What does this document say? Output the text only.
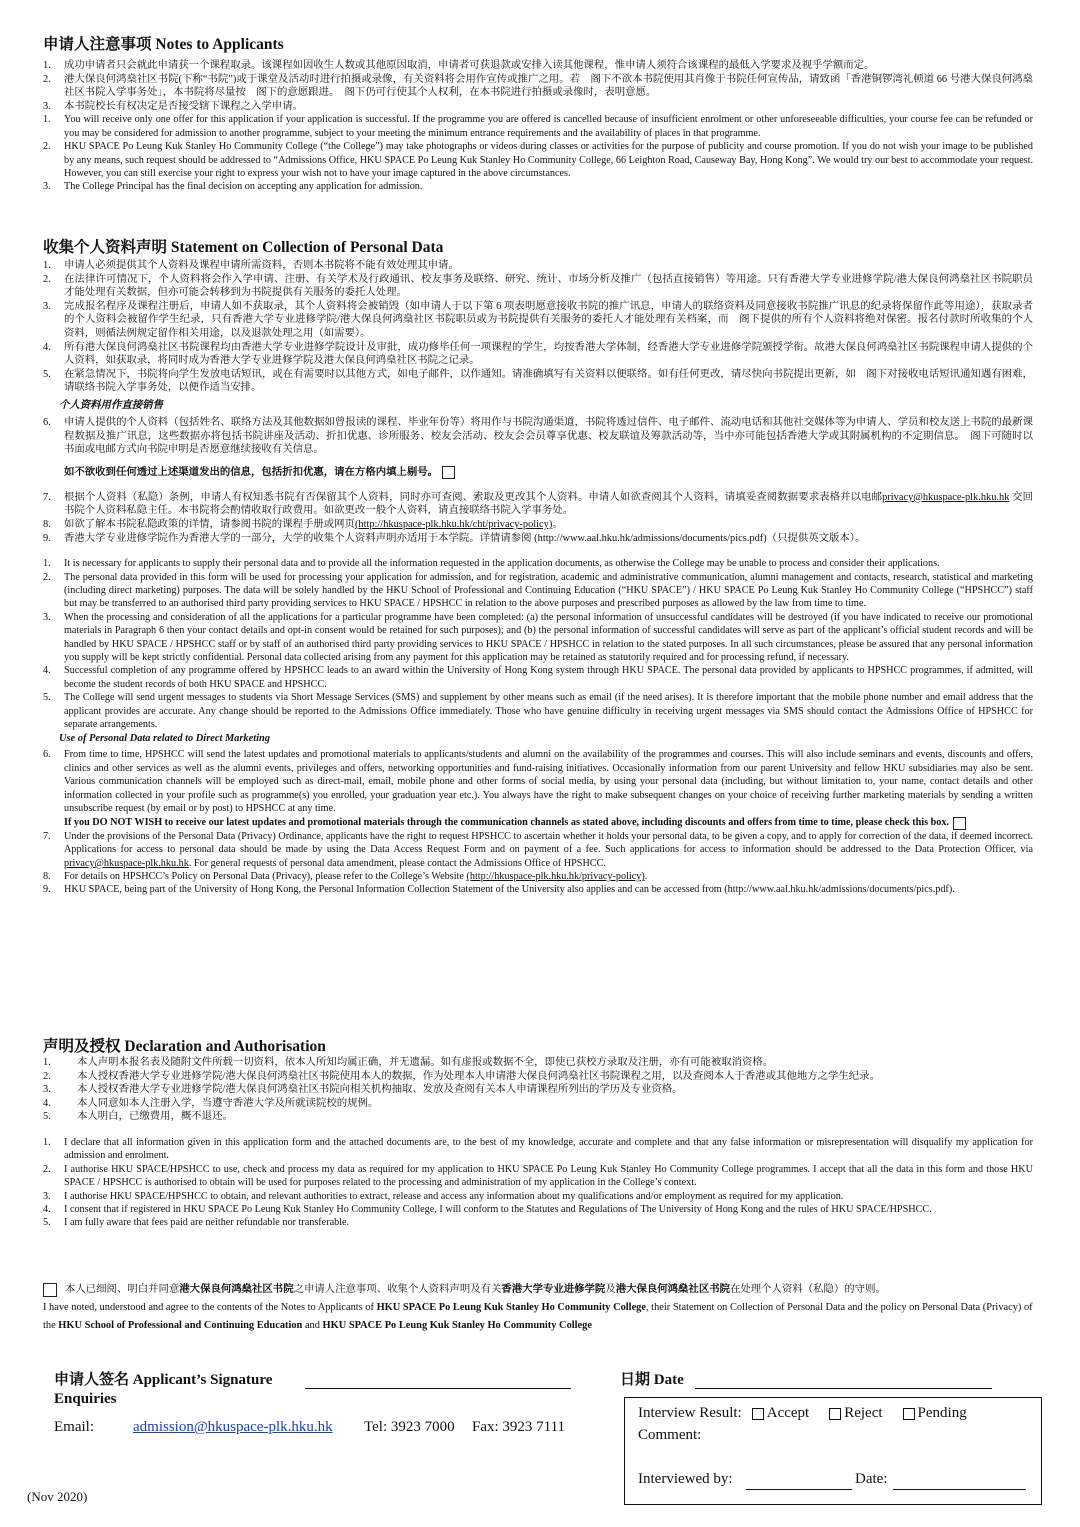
申请人注意事项 Notes to Applicants
1. 成功申请者只会就此申请获一个课程取录。该课程如因收生人数或其他原因取消，申请者可获退款或安排入读其他课程，惟申请人须符合该课程的最低入学要求及视乎学额而定。
2. 港大保良何鸿燊社区书院(下称“书院”)或于课堂及活动时进行拍摄或录像，有关资料将会用作宣传或推广之用。若　阁下不欲本书院使用其肖像于书院任何宣传品，请致函「香港铜锣湾礼顿道 66 号港大保良何鸿燊社区书院入学事务处」，本书院将尽量按　阁下的意愿跟进。　阁下仍可行使其个人权利，在本书院进行拍摄或录像时，表明意愿。
3. 本书院校长有权决定是否接受辖下课程之入学申请。
1. You will receive only one offer for this application if your application is successful. If the programme you are offered is cancelled because of insufficient enrolment or other unforeseeable difficulties, your course fee can be refunded or you may be considered for admission to another programme, subject to your meeting the minimum entrance requirements and the availability of places in that programme.
2. HKU SPACE Po Leung Kuk Stanley Ho Community College (“the College”) may take photographs or videos during classes or activities for the purpose of publicity and course promotion. If you do not wish your image to be published by any means, such request should be addressed to “Admissions Office, HKU SPACE Po Leung Kuk Stanley Ho Community College, 66 Leighton Road, Causeway Bay, Hong Kong”. We would try our best to accommodate your request. However, you can still exercise your right to express your wish not to have your image captured in the above circumstances.
3. The College Principal has the final decision on accepting any application for admission.
收集个人资料声明 Statement on Collection of Personal Data
1. 申请人必须提供其个人资料及课程申请所需资料，否则本书院将不能有效处理其申请。
2. 在法律许可情况下，个人资料将会作入学申请、注册、有关学术及行政通讯、校友事务及联络、研究、统计、市场分析及推广（包括直接销售）等用途。只有香港大学专业进修学院/港大保良何鸿燊社区书院职员才能处理有关数据，但亦可能会转移到为书院提供有关服务的委托人处理。
3. 完成报名程序及课程注册后，申请人如不获取录，其个人资料将会被销毁（如申请人于以下第 6 项表明愿意接收书院的推广讯息，申请人的联络资料及同意接收书院推广讯息的纪录将保留作此等用途），获取录者的个人资料会被留作学生纪录，只有香港大学专业进修学院/港大保良何鸿燊社区书院职员或为书院提供有关服务的委托人才能处理有关档案，而　阁下提供的所有个人资料将绝对保密。报名付款时所收集的个人资料，则循法例规定留作相关用途，以及退款处理之用（如需要）。
4. 所有港大保良何鸿燊社区书院课程均由香港大学专业进修学院设计及审批，成功修毕任何一项课程的学生，均按香港大学体制，经香港大学专业进修学院颁授学衔。故港大保良何鸿燊社区书院课程申请人提供的个人资料，如获取录，将同时成为香港大学专业进修学院及港大保良何鸿燊社区书院之记录。
5. 在紧急情况下，书院将向学生发放电话短讯，或在有需要时以其他方式，如电子邮件，以作通知。请准确填写有关资料以便联络。如有任何更改，请尽快向书院提出更新，如　阁下对接收电话短讯通知遇有困难，请联络书院入学事务处，以便作适当安排。
个人资料用作直接销售
6. 申请人提供的个人资料（包括姓名、联络方法及其他数据如曾报读的课程、毕业年份等）将用作与书院沟通渠道，书院将透过信件、电子邮件、流动电话和其他社交媒体等为申请人、学员和校友送上书院的最新课程数据及推广讯息，这些数据亦将包括书院讲座及活动、折扣优惠、诊所服务、校友会活动、校友会会员尊享优惠、校友联谊及筹款活动等，当中亦可能包括香港大学或其附属机构的不定期信息。　阁下可随时以书面或电邮方式向书院申明是否愿意继续接收有关信息。
如不欲收到任何透过上述渠道发出的信息，包括折扣优惠，请在方格内填上剔号。
7. 根据个人资料（私隐）条例，申请人有权知悉书院有否保留其个人资料，同时亦可查阅、索取及更改其个人资料。申请人如欲查阅其个人资料，请填妥查阅数据要求表格并以电邮privacy@hkuspace-plk.hku.hk 交回书院个人资料私隐主任。本书院将会酌情收取行政费用。如欲更改一般个人资料，请直接联络书院入学事务处。
8. 如欲了解本书院私隐政策的详情，请参阅书院的课程手册或网页(http://hkuspace-plk.hku.hk/cht/privacy-policy)。
9. 香港大学专业进修学院作为香港大学的一部分，大学的收集个人资料声明亦适用于本学院。详情请参阅 (http://www.aal.hku.hk/admissions/documents/pics.pdf)（只提供英文版本）。
1. It is necessary for applicants to supply their personal data and to provide all the information requested in the application documents, as otherwise the College may be unable to process and consider their applications.
2. The personal data provided in this form will be used for processing your application for admission, and for registration, academic and administrative communication, alumni management and contacts, research, statistical and marketing (including direct marketing) purposes. The data will be solely handled by the HKU School of Professional and Continuing Education (“HKU SPACE”) / HKU SPACE Po Leung Kuk Stanley Ho Community College (“HPSHCC”) staff but may be transferred to an authorised third party providing services to HKU SPACE / HPSHCC in relation to the above purposes and prescribed purposes as allowed by the law from time to time.
3. When the processing and consideration of all the applications for a particular programme have been completed: (a) the personal information of unsuccessful candidates will be destroyed (if you have indicated to receive our promotional materials in Paragraph 6 then your contact details and opt-in consent would be retained for such purposes); and (b) the personal information of successful candidates will serve as part of the applicant’s official student records and will be handled by HKU SPACE / HPSHCC staff or by staff of an authorised third party providing services to HKU SPACE / HPSHCC in relation to the stated purposes. In all such circumstances, please be assured that any personal information you supply will be kept strictly confidential. Personal data collected arising from any payment for this application may be retained as statutorily required and for processing refund, if necessary.
4. Successful completion of any programme offered by HPSHCC leads to an award within the University of Hong Kong system through HKU SPACE. The personal data provided by applicants to HPSHCC programmes, if admitted, will become the student records of both HKU SPACE and HPSHCC.
5. The College will send urgent messages to students via Short Message Services (SMS) and supplement by other means such as email (if the need arises). It is therefore important that the mobile phone number and email address that the applicant provides are accurate. Any change should be reported to the Admissions Office immediately. Those who have genuine difficulty in receiving urgent messages via SMS should contact the Admissions Office of HPSHCC for separate arrangements.
Use of Personal Data related to Direct Marketing
6. From time to time, HPSHCC will send the latest updates and promotional materials to applicants/students and alumni on the availability of the programmes and courses. This will also include seminars and events, discounts and offers, clinics and other services as well as the alumni events, privileges and offers, networking opportunities and fund-raising initiatives. Occasionally information from our parent University and fellow HKU subsidiaries may also be sent. Various communication channels will be employed such as direct-mail, email, mobile phone and other forms of social media, by using your personal data (including, but without limitation to, your name, contact details and other information collected in your profile such as programme(s) you enrolled, your graduation year etc.). You always have the right to make subsequent changes on your choice of receiving further marketing materials by sending a written unsubscribe request (by email or by post) to HPSHCC at any time.
If you DO NOT WISH to receive our latest updates and promotional materials through the communication channels as stated above, including discounts and offers from time to time, please check this box.
7. Under the provisions of the Personal Data (Privacy) Ordinance, applicants have the right to request HPSHCC to ascertain whether it holds your personal data, to be given a copy, and to apply for correction of the data, if deemed incorrect. Applications for access to personal data should be made by using the Data Access Request Form and on payment of a fee. Such applications for access to information should be addressed to the Data Protection Officer, via privacy@hkuspace-plk.hku.hk. For general requests of personal data amendment, please contact the Admissions Office of HPSHCC.
8. For details on HPSHCC’s Policy on Personal Data (Privacy), please refer to the College’s Website (http://hkuspace-plk.hku.hk/privacy-policy).
9. HKU SPACE, being part of the University of Hong Kong, the Personal Information Collection Statement of the University also applies and can be accessed from (http://www.aal.hku.hk/admissions/documents/pics.pdf).
声明及授权 Declaration and Authorisation
1.	本人声明本报名表及随附文件所载一切资料，依本人所知均属正确，并无遗漏。如有虚报或数据不全，即使已获校方录取及注册，亦有可能被取消资格。
2.	本人授权香港大学专业进修学院/港大保良何鸿燊社区书院使用本人的数据，作为处理本人申请港大保良何鸿燊社区书院课程之用，以及查阅本人于香港或其他地方之学生纪录。
3.	本人授权香港大学专业进修学院/港大保良何鸿燊社区书院向相关机构抽取、发放及查阅有关本人申请课程所列出的学历及专业资格。
4.	本人同意如本人注册入学，当遵守香港大学及所就读院校的规例。
5.	本人明白，已缴费用，概不退还。
1. I declare that all information given in this application form and the attached documents are, to the best of my knowledge, accurate and complete and that any false information or misrepresentation will disqualify my application for admission and enrolment.
2. I authorise HKU SPACE/HPSHCC to use, check and process my data as required for my application to HKU SPACE Po Leung Kuk Stanley Ho Community College programmes. I accept that all the data in this form and those HKU SPACE / HPSHCC is authorised to obtain will be used for purposes related to the processing and administration of my application in the College’s context.
3. I authorise HKU SPACE/HPSHCC to obtain, and relevant authorities to extract, release and access any information about my qualifications and/or employment as required for my application.
4. I consent that if registered in HKU SPACE Po Leung Kuk Stanley Ho Community College, I will conform to the Statutes and Regulations of The University of Hong Kong and the rules of HKU SPACE/HPSHCC.
5. I am fully aware that fees paid are neither refundable nor transferable.
本人已细阅、明白并同意港大保良何鸿燊社区书院之申请人注意事项、收集个人资料声明及有关香港大学专业进修学院及港大保良何鸿燊社区书院在处理个人资料（私隐）的守则。
I have noted, understood and agree to the contents of the Notes to Applicants of HKU SPACE Po Leung Kuk Stanley Ho Community College, their Statement on Collection of Personal Data and the policy on Personal Data (Privacy) of the HKU School of Professional and Continuing Education and HKU SPACE Po Leung Kuk Stanley Ho Community College
申请人签名 Applicant’s Signature	日期 Date
Enquiries
Email:	admission@hkuspace-plk.hku.hk Tel: 3923 7000 Fax: 3923 7111
(Nov 2020)
Interview Result: Accept Reject Pending
Comment:
Interviewed by:	Date:
